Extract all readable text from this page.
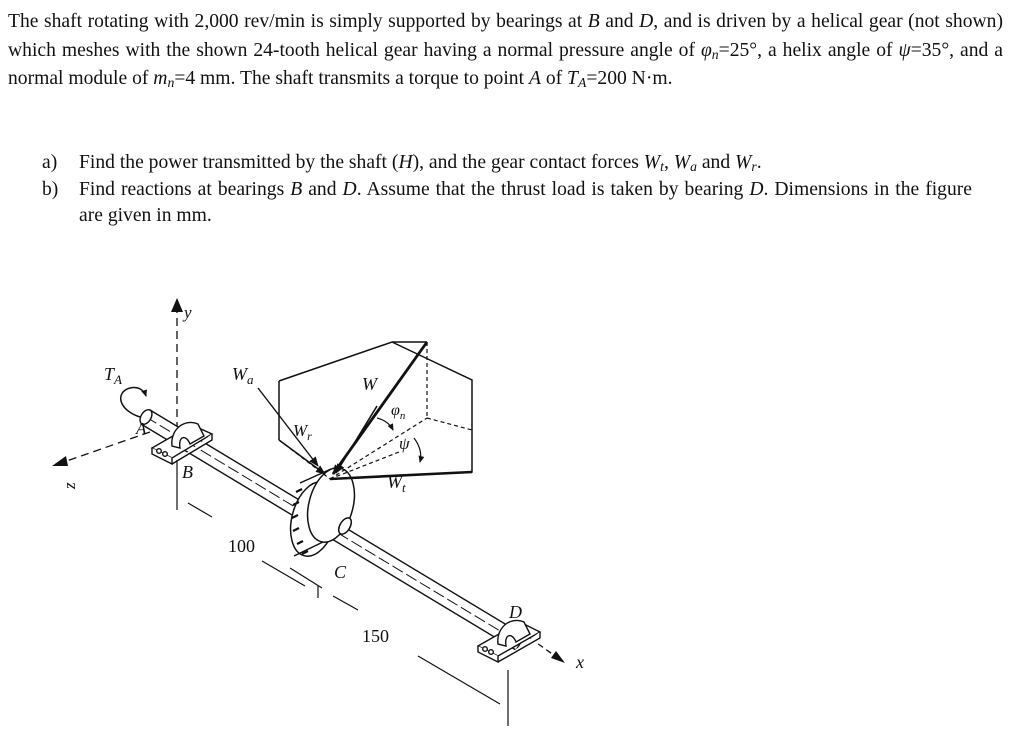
The shaft rotating with 2,000 rev/min is simply supported by bearings at B and D, and is driven by a helical gear (not shown) which meshes with the shown 24-tooth helical gear having a normal pressure angle of $\varphi_n=25^\circ$, a helix angle of ψ=35°, and a normal module of $m_n=4$ mm. The shaft transmits a torque to point A of $T_A=200$ N·m.

a)	Find the power transmitted by the shaft (H), and the gear contact forces $W_t$, $W_a$ and $W_r$.
b)	Find reactions at bearings B and D. Assume that the thrust load is taken by bearing D. Dimensions in the figure are given in mm.
y
z
x
$T_A$
A
B
C
D
$W_a$	W
$W_r$
$\varphi_n$
ψ
$W_t$
100
150
